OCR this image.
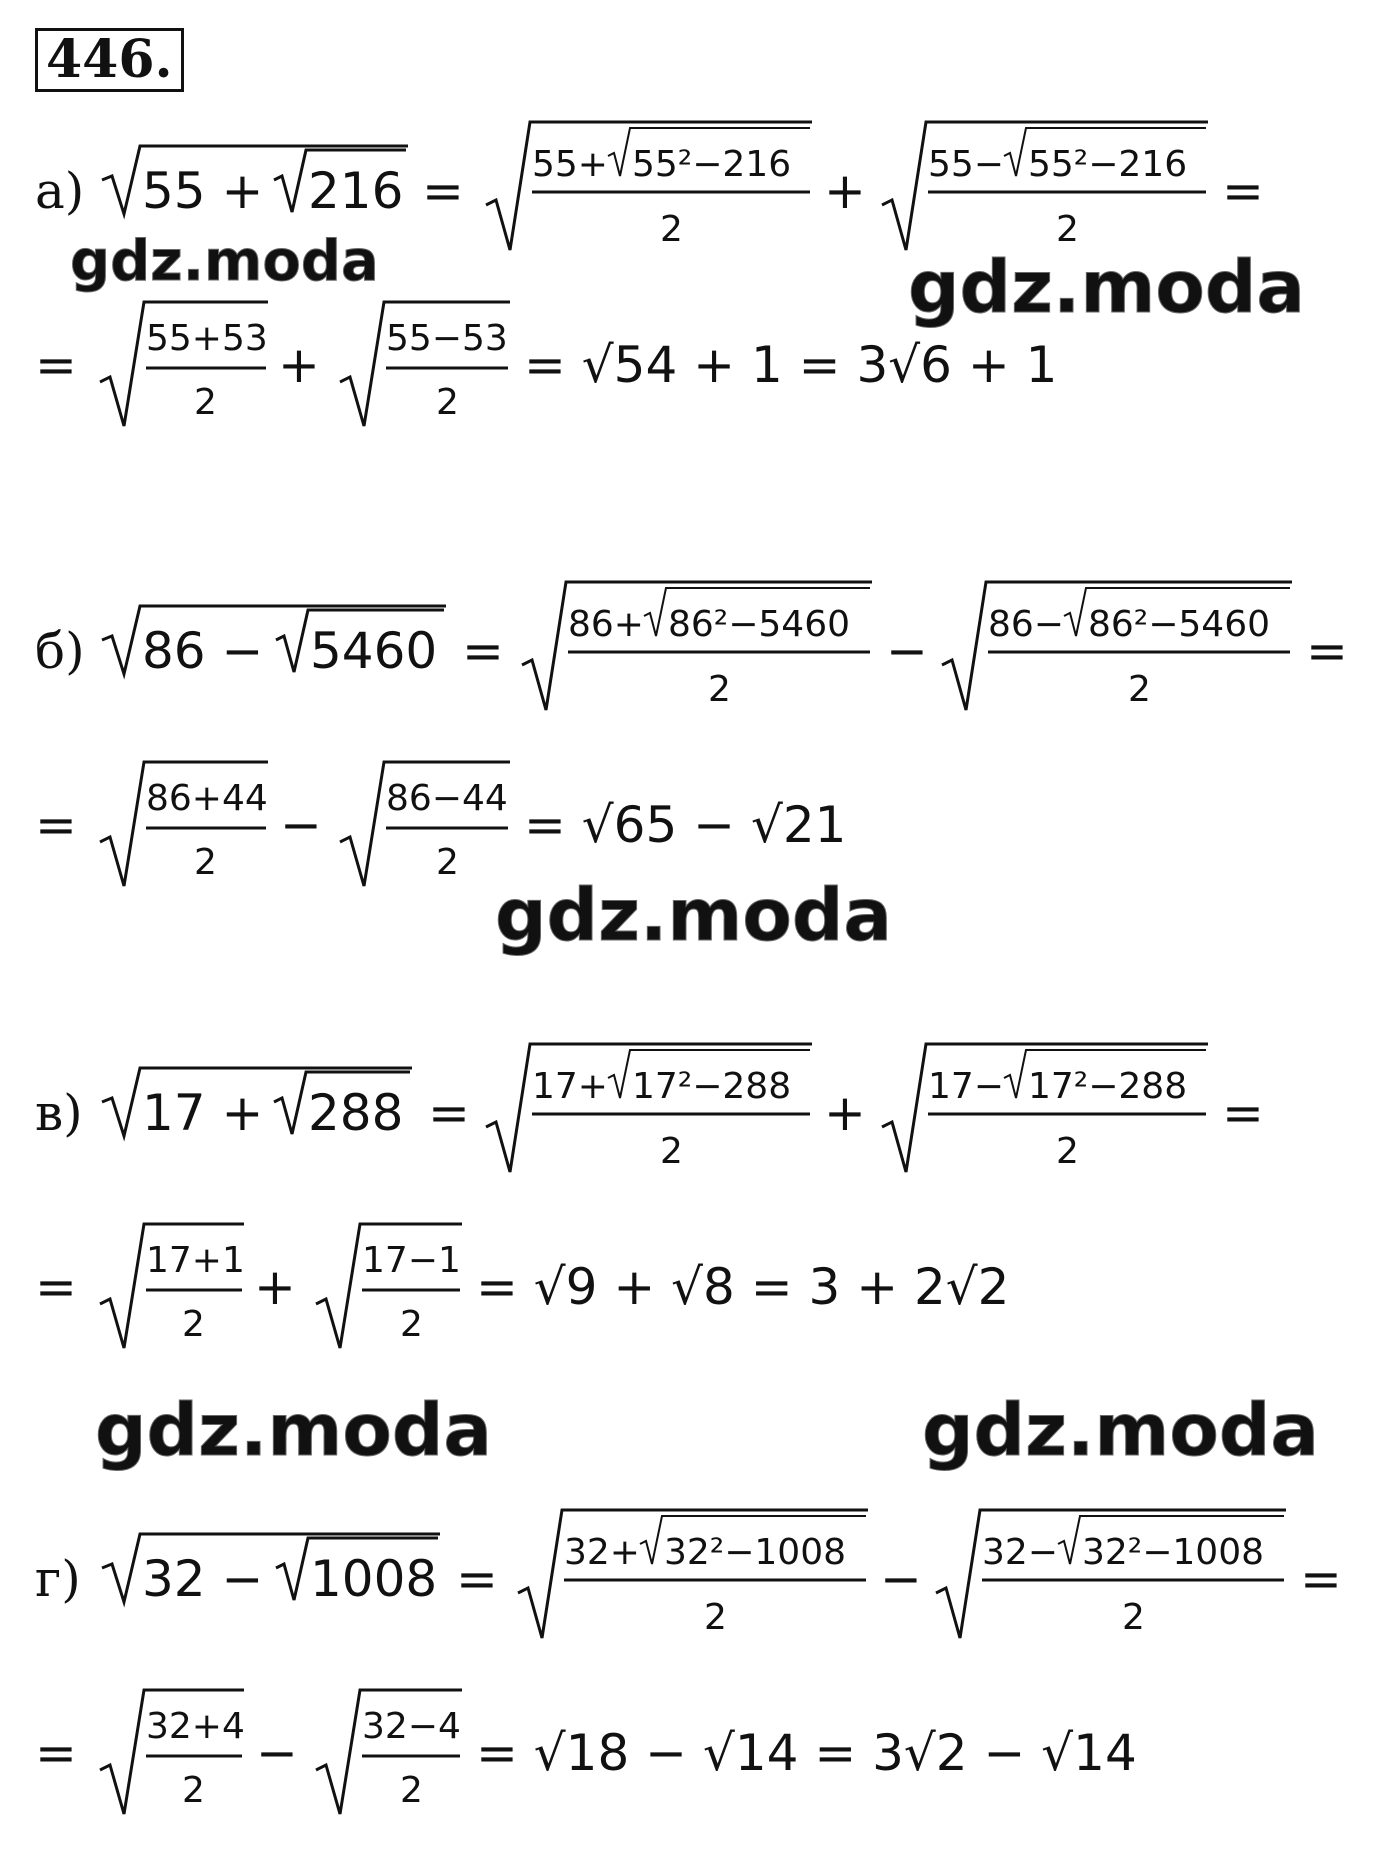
446.
gdz.moda	gdz.moda
gdz.moda
gdz.moda	gdz.moda
а) 55 + 216 = 55+ 55²−216
2
+ 55− 55²−216
2
=
= 55+53
2
+ 55−53
2
= √54 + 1 = 3√6 + 1
б) 86 − 5460 = 86+ 86²−5460
2
− 86− 86²−5460
2
=
= 86+44
2
− 86−44
2
= √65 − √21
в) 17 + 288 = 17+ 17²−288
2
+ 17− 17²−288
2
=
= 17+1
2
+ 17−1
2
= √9 + √8 = 3 + 2√2
г) 32 − 1008 = 32+ 32²−1008
2
− 32− 32²−1008
2
=
= 32+4
2
− 32−4
2
= √18 − √14 = 3√2 − √14
